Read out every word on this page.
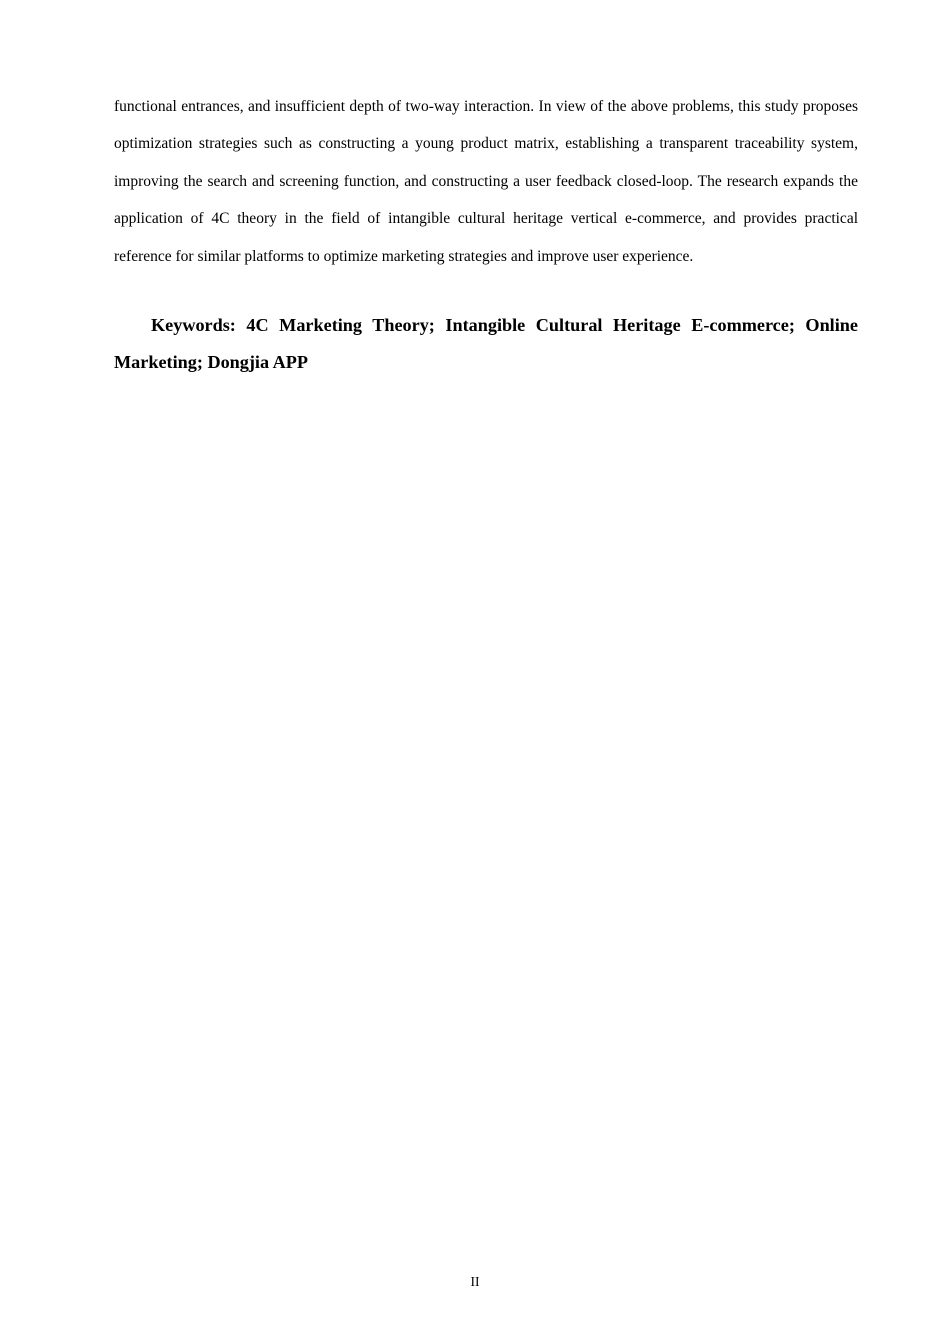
functional entrances, and insufficient depth of two-way interaction. In view of the above problems, this study proposes optimization strategies such as constructing a young product matrix, establishing a transparent traceability system, improving the search and screening function, and constructing a user feedback closed-loop. The research expands the application of 4C theory in the field of intangible cultural heritage vertical e-commerce, and provides practical reference for similar platforms to optimize marketing strategies and improve user experience.

Keywords: 4C Marketing Theory; Intangible Cultural Heritage E-commerce; Online Marketing; Dongjia APP

II
